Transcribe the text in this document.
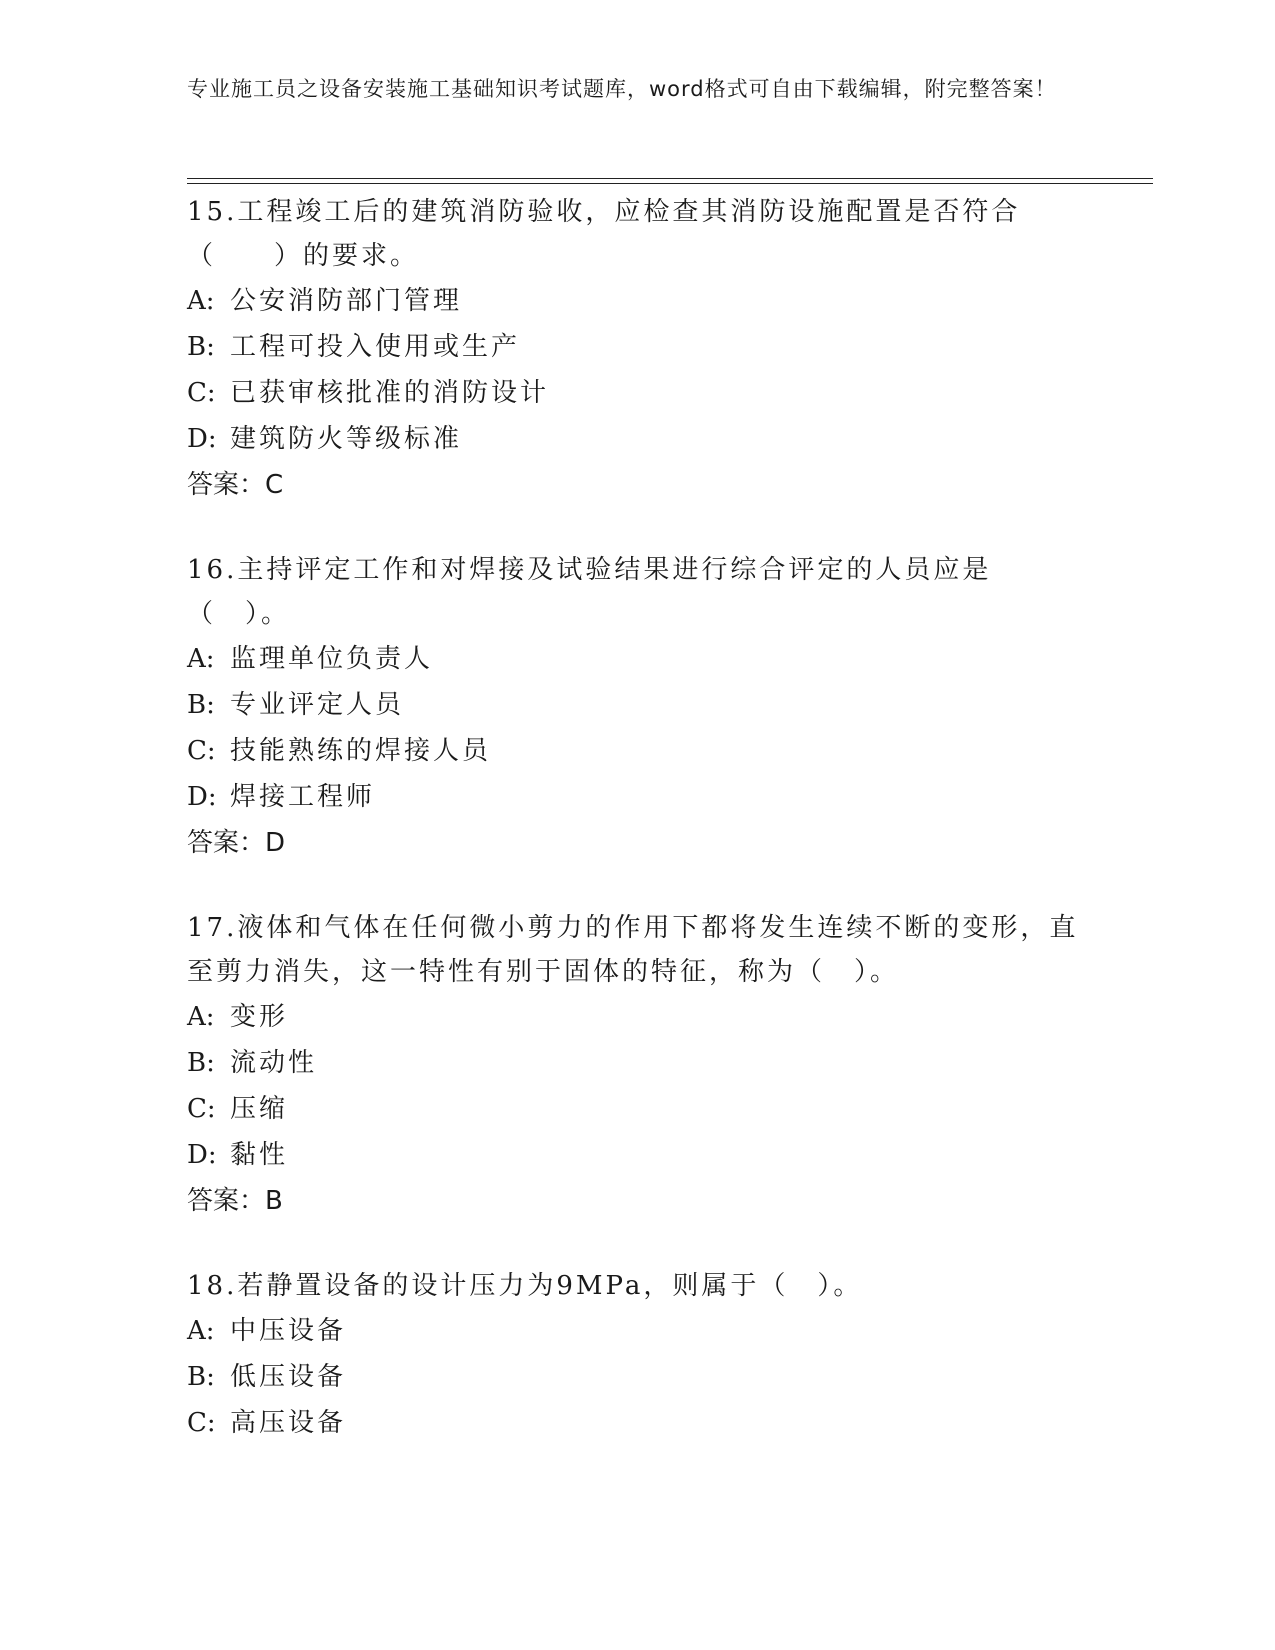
专业施工员之设备安装施工基础知识考试题库，word格式可自由下载编辑，附完整答案！

15.工程竣工后的建筑消防验收，应检查其消防设施配置是否符合（　　）的要求。

A: 公安消防部门管理

B: 工程可投入使用或生产

C: 已获审核批准的消防设计

D: 建筑防火等级标准

答案：C

16.主持评定工作和对焊接及试验结果进行综合评定的人员应是（　）。

A: 监理单位负责人

B: 专业评定人员

C: 技能熟练的焊接人员

D: 焊接工程师

答案：D

17.液体和气体在任何微小剪力的作用下都将发生连续不断的变形，直至剪力消失，这一特性有别于固体的特征，称为（　）。

A: 变形

B: 流动性

C: 压缩

D: 黏性

答案：B

18.若静置设备的设计压力为9MPa，则属于（　）。

A: 中压设备

B: 低压设备

C: 高压设备
